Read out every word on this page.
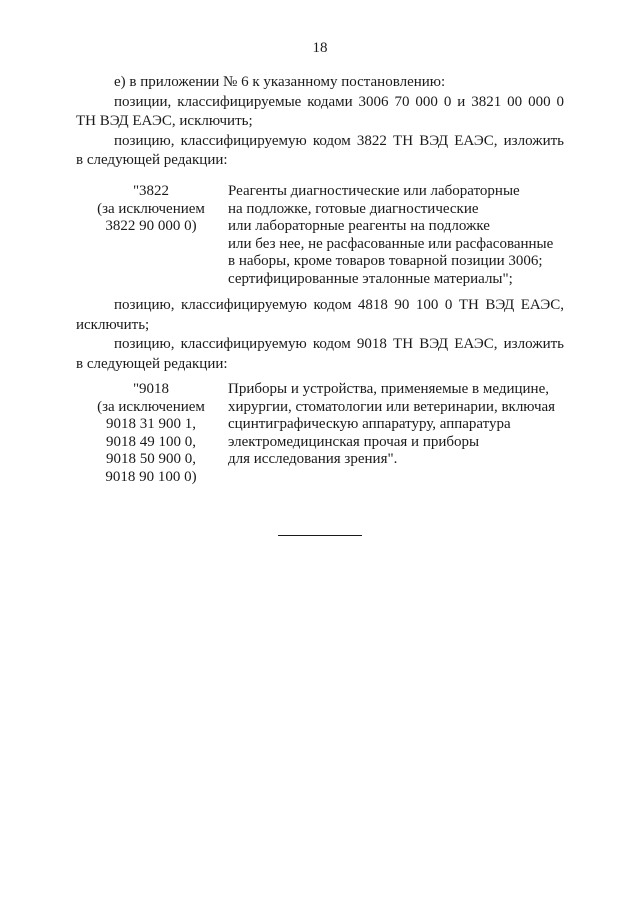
18
е) в приложении № 6 к указанному постановлению:
позиции, классифицируемые кодами 3006 70 000 0 и 3821 00 000 0
ТН ВЭД ЕАЭС, исключить;
позицию, классифицируемую кодом 3822 ТН ВЭД ЕАЭС, изложить
в следующей редакции:
"3822
(за исключением
3822 90 000 0)
Реагенты диагностические или лабораторные
на подложке, готовые диагностические
или лабораторные реагенты на подложке
или без нее, не расфасованные или расфасованные
в наборы, кроме товаров товарной позиции 3006;
сертифицированные эталонные материалы";
позицию, классифицируемую кодом 4818 90 100 0 ТН ВЭД ЕАЭС,
исключить;
позицию, классифицируемую кодом 9018 ТН ВЭД ЕАЭС, изложить
в следующей редакции:
"9018
(за исключением
9018 31 900 1,
9018 49 100 0,
9018 50 900 0,
9018 90 100 0)
Приборы и устройства, применяемые в медицине,
хирургии, стоматологии или ветеринарии, включая
сцинтиграфическую аппаратуру, аппаратура
электромедицинская прочая и приборы
для исследования зрения".
